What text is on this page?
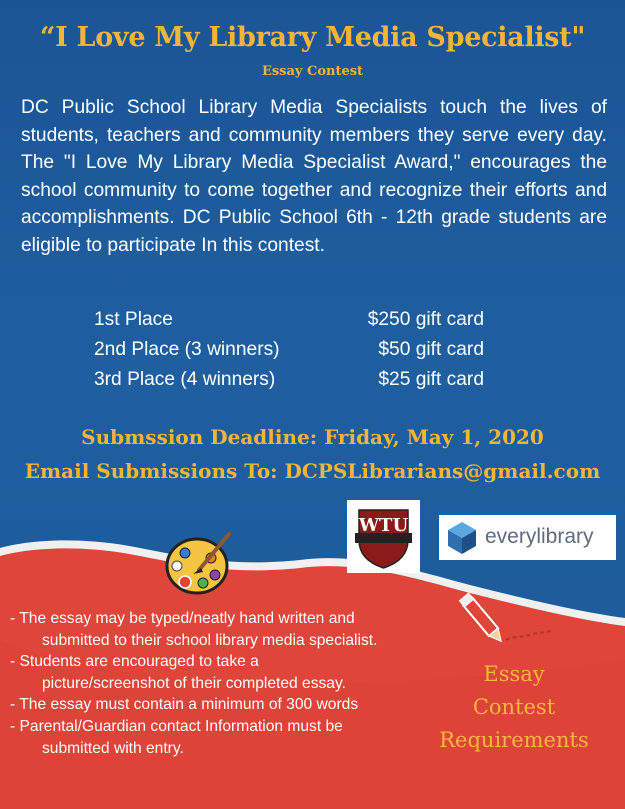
“I Love My Library Media Specialist"
Essay Contest

DC Public School Library Media Specialists touch the lives of students, teachers and community members they serve every day. The "I Love My Library Media Specialist Award," encourages the school community to come together and recognize their efforts and accomplishments. DC Public School 6th - 12th grade students are eligible to participate In this contest.

1st Place	$250 gift card
2nd Place (3 winners)	$50 gift card
3rd Place (4 winners)	$25 gift card
Submssion Deadline: Friday, May 1, 2020
Email Submissions To: DCPSLibrarians@gmail.com
WTU	everylibrary
- The essay may be typed/neatly hand written and
submitted to their school library media specialist.
- Students are encouraged to take a
picture/screenshot of their completed essay.
- The essay must contain a minimum of 300 words
- Parental/Guardian contact Information must be
submitted with entry.
Essay
Contest
Requirements
